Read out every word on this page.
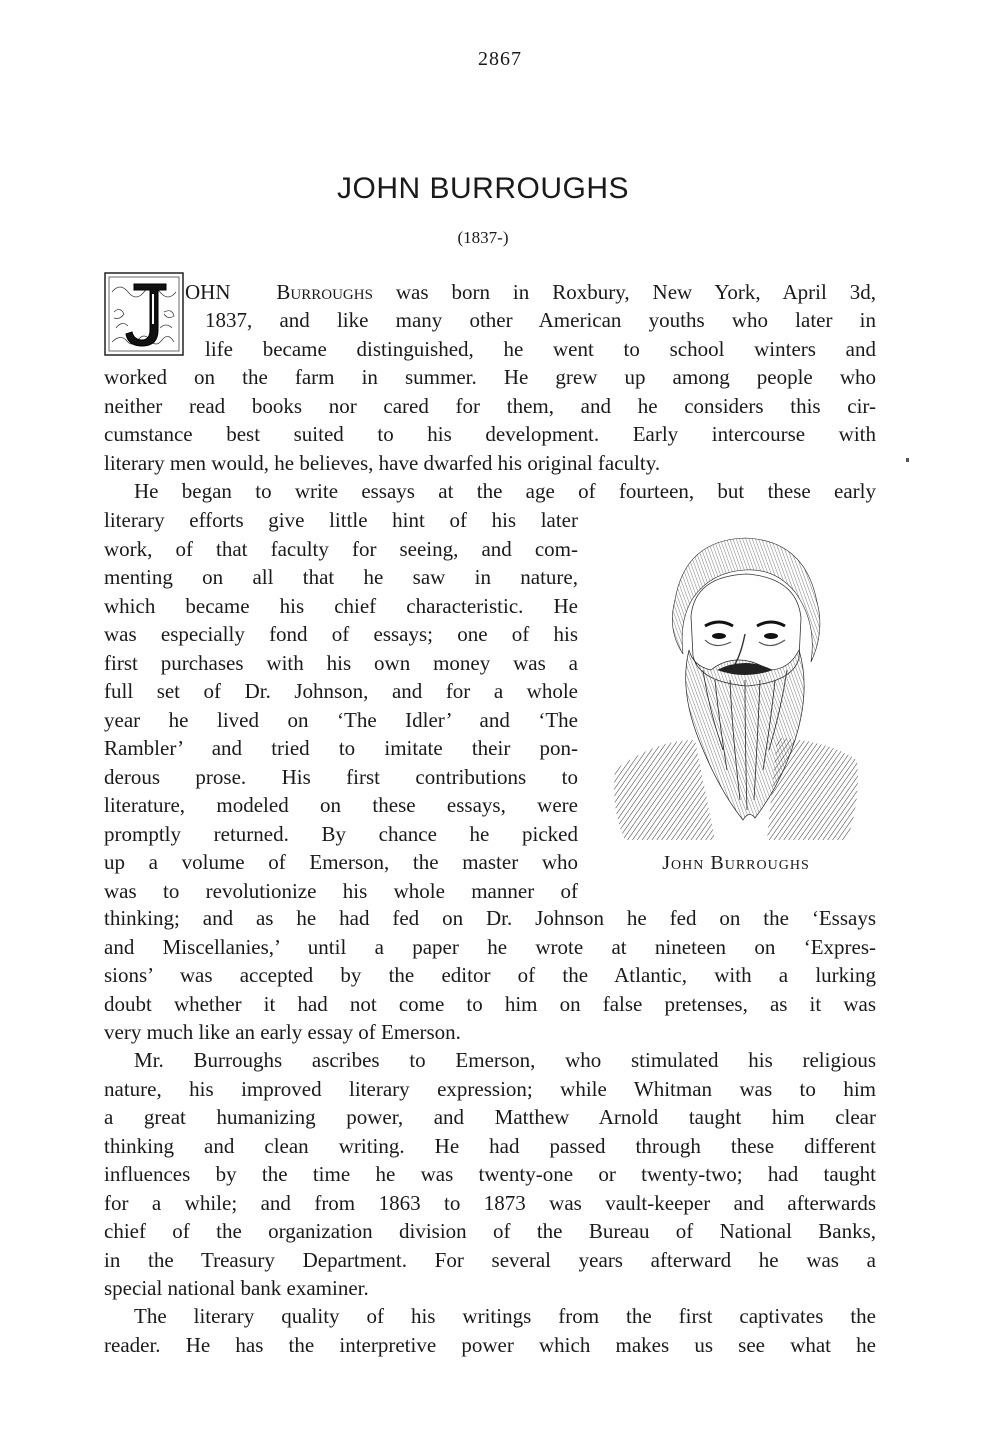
2867
JOHN BURROUGHS
(1837-)
OHN Burroughs was born in Roxbury, New York, April 3d,
1837, and like many other American youths who later in
life became distinguished, he went to school winters and
worked on the farm in summer. He grew up among people who
neither read books nor cared for them, and he considers this cir-
cumstance best suited to his development. Early intercourse with
literary men would, he believes, have dwarfed his original faculty.
He began to write essays at the age of fourteen, but these early
literary efforts give little hint of his later
work, of that faculty for seeing, and com-
menting on all that he saw in nature,
which became his chief characteristic. He
was especially fond of essays; one of his
first purchases with his own money was a
full set of Dr. Johnson, and for a whole
year he lived on ‘The Idler’ and ‘The
Rambler’ and tried to imitate their pon-
derous prose. His first contributions to
literature, modeled on these essays, were
promptly returned. By chance he picked
up a volume of Emerson, the master who
was to revolutionize his whole manner of
John Burroughs
thinking; and as he had fed on Dr. Johnson he fed on the ‘Essays
and Miscellanies,’ until a paper he wrote at nineteen on ‘Expres-
sions’ was accepted by the editor of the Atlantic, with a lurking
doubt whether it had not come to him on false pretenses, as it was
very much like an early essay of Emerson.
Mr. Burroughs ascribes to Emerson, who stimulated his religious
nature, his improved literary expression; while Whitman was to him
a great humanizing power, and Matthew Arnold taught him clear
thinking and clean writing. He had passed through these different
influences by the time he was twenty-one or twenty-two; had taught
for a while; and from 1863 to 1873 was vault-keeper and afterwards
chief of the organization division of the Bureau of National Banks,
in the Treasury Department. For several years afterward he was a
special national bank examiner.
The literary quality of his writings from the first captivates the
reader. He has the interpretive power which makes us see what he
